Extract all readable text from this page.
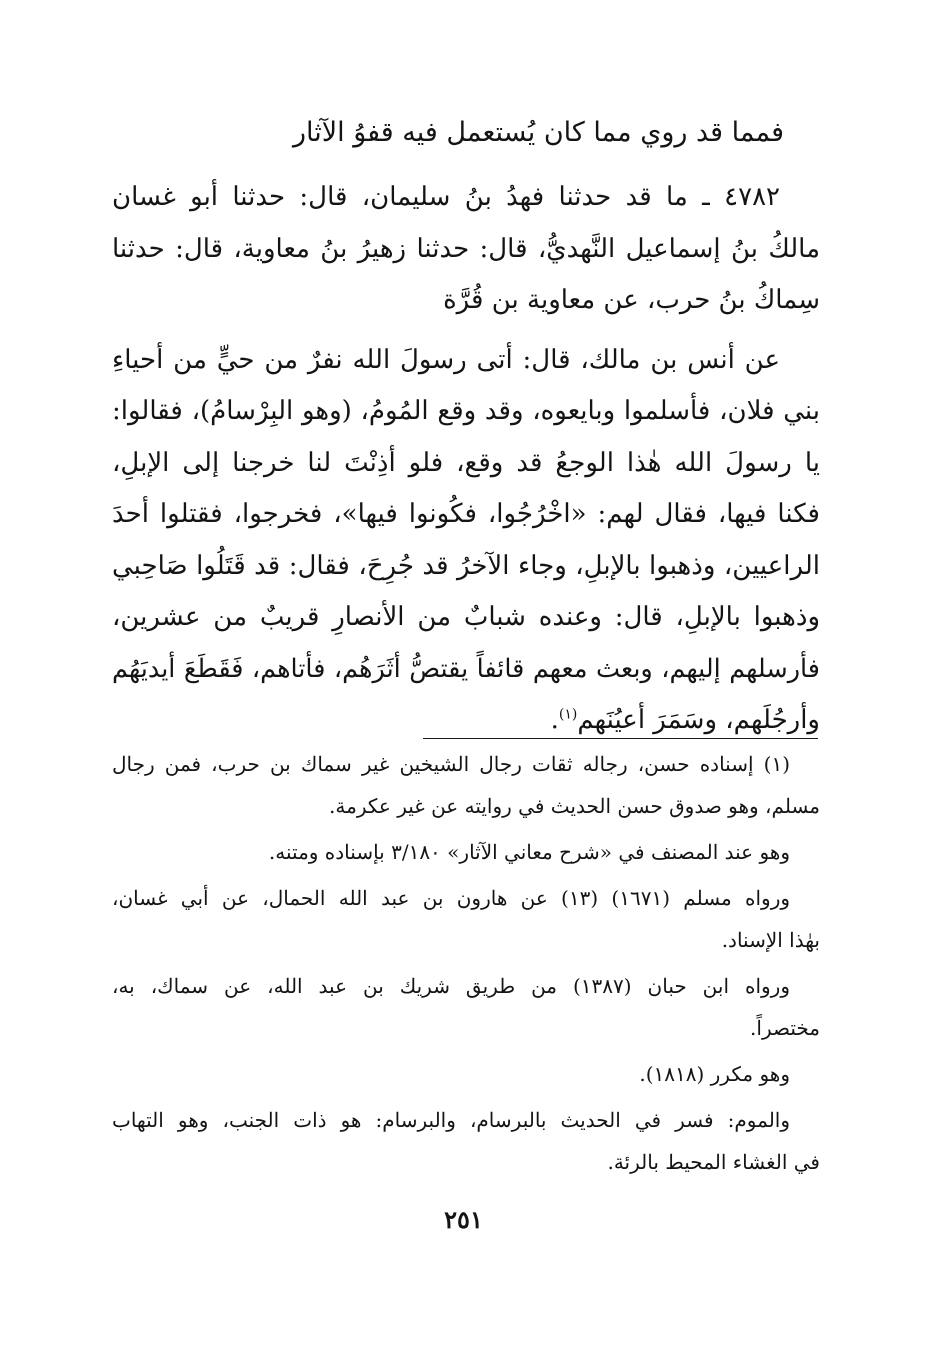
فمما قد روي مما كان يُستعمل فيه قفوُ الآثار
٤٧٨٢ ـ ما قد حدثنا فهدُ بنُ سليمان، قال: حدثنا أبو غسان
مالكُ بنُ إسماعيل النَّهديُّ، قال: حدثنا زهيرُ بنُ معاوية، قال: حدثنا
سِماكُ بنُ حرب، عن معاوية بن قُرَّة
عن أنس بن مالك، قال: أتى رسولَ الله نفرٌ من حيٍّ من أحياءِ
بني فلان، فأسلموا وبايعوه، وقد وقع المُومُ، (وهو البِرْسامُ)، فقالوا:
يا رسولَ الله هٰذا الوجعُ قد وقع، فلو أذِنْتَ لنا خرجنا إلى الإبلِ،
فكنا فيها، فقال لهم: «اخْرُجُوا، فكُونوا فيها»، فخرجوا، فقتلوا أحدَ
الراعيين، وذهبوا بالإبلِ، وجاء الآخرُ قد جُرِحَ، فقال: قد قَتَلُوا صَاحِبي
وذهبوا بالإبلِ، قال: وعنده شبابٌ من الأنصارِ قريبٌ من عشرين،
فأرسلهم إليهم، وبعث معهم قائفاً يقتصُّ أثَرَهُم، فأتاهم، فَقَطَعَ أيديَهُم
وأرجُلَهم، وسَمَرَ أعيُنَهم$^{(١)}$.
(١) إسناده حسن، رجاله ثقات رجال الشيخين غير سماك بن حرب، فمن رجال
مسلم، وهو صدوق حسن الحديث في روايته عن غير عكرمة.
وهو عند المصنف في «شرح معاني الآثار» ٣/١٨٠ بإسناده ومتنه.
ورواه مسلم (١٦٧١) (١٣) عن هارون بن عبد الله الحمال، عن أبي غسان،
بهٰذا الإسناد.
ورواه ابن حبان (١٣٨٧) من طريق شريك بن عبد الله، عن سماك، به،
مختصراً.
وهو مكرر (١٨١٨).
والموم: فسر في الحديث بالبرسام، والبرسام: هو ذات الجنب، وهو التهاب
في الغشاء المحيط بالرئة.
٢٥١
